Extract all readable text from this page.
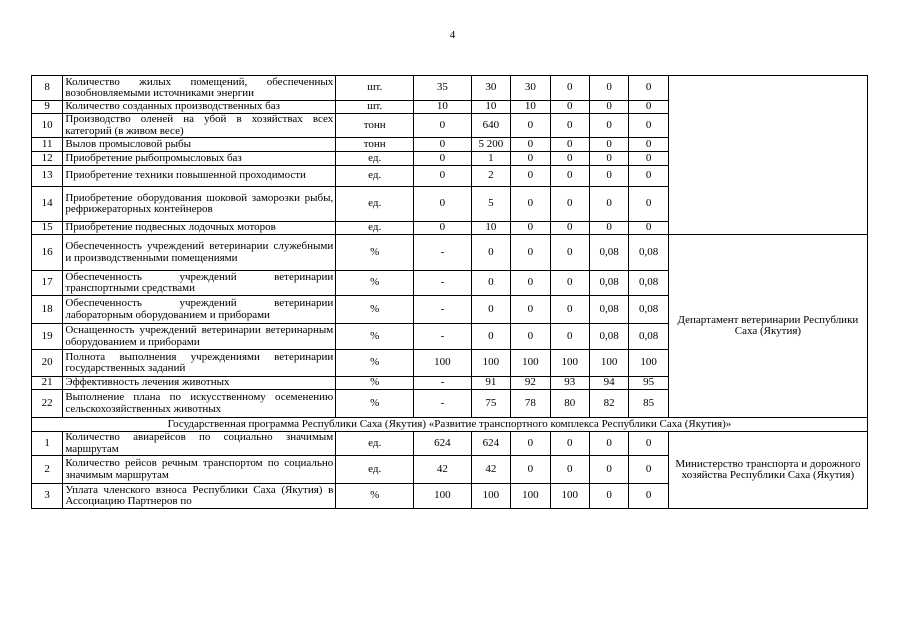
4
8	Количество жилых помещений, обеспеченных возобновляемыми источниками энергии	шт.	35	30	30	0	0	0	
9	Количество созданных производственных баз	шт.	10	10	10	0	0	0	
10	Производство оленей на убой в хозяйствах всех категорий (в живом весе)	тонн	0	640	0	0	0	0	
11	Вылов промысловой рыбы	тонн	0	5 200	0	0	0	0	
12	Приобретение рыбопромысловых баз	ед.	0	1	0	0	0	0	
13	Приобретение техники повышенной проходимости	ед.	0	2	0	0	0	0	
14	Приобретение оборудования шоковой заморозки рыбы, рефрижераторных контейнеров	ед.	0	5	0	0	0	0	
15	Приобретение подвесных лодочных моторов	ед.	0	10	0	0	0	0	
16	Обеспеченность учреждений ветеринарии служебными и производственными помещениями	%	-	0	0	0	0,08	0,08	Департамент ветеринарии Республики Саха (Якутия)
17	Обеспеченность учреждений ветеринарии транспортными средствами	%	-	0	0	0	0,08	0,08	
18	Обеспеченность учреждений ветеринарии лабораторным оборудованием и приборами	%	-	0	0	0	0,08	0,08	
19	Оснащенность учреждений ветеринарии ветеринарным оборудованием и приборами	%	-	0	0	0	0,08	0,08	
20	Полнота выполнения учреждениями ветеринарии государственных заданий	%	100	100	100	100	100	100	
21	Эффективность лечения животных	%	-	91	92	93	94	95	
22	Выполнение плана по искусственному осеменению сельскохозяйственных животных	%	-	75	78	80	82	85	
Государственная программа Республики Саха (Якутия) «Развитие транспортного комплекса Республики Саха (Якутия)»									
1	Количество авиарейсов по социально значимым маршрутам	ед.	624	624	0	0	0	0	Министерство транспорта и дорожного хозяйства Республики Саха (Якутия)
2	Количество рейсов речным транспортом по социально значимым маршрутам	ед.	42	42	0	0	0	0	
3	Уплата членского взноса Республики Саха (Якутия) в Ассоциацию Партнеров по	%	100	100	100	100	0	0	
